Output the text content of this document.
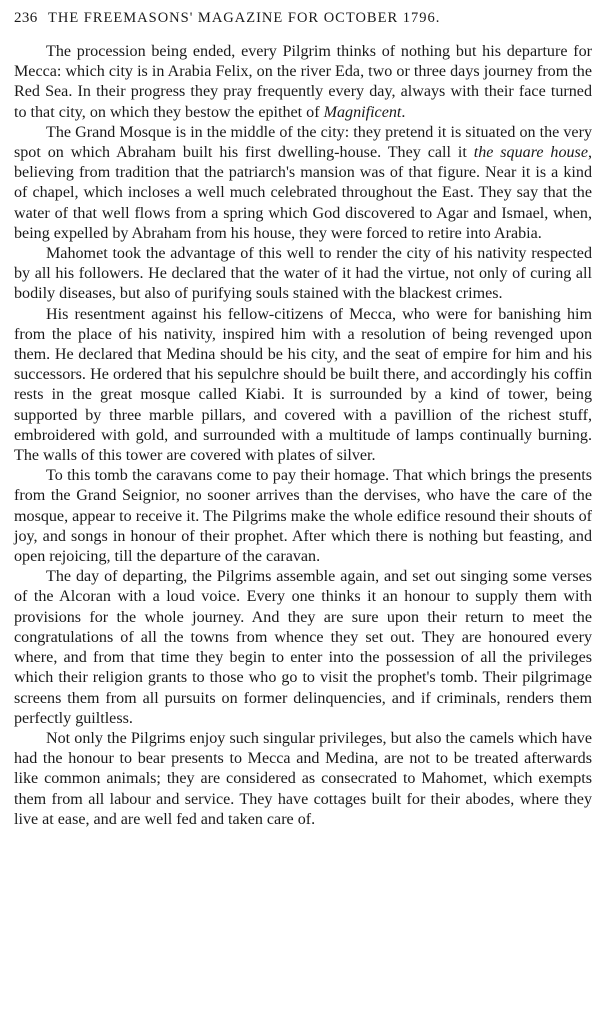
236 THE FREEMASONS' MAGAZINE FOR OCTOBER 1796.

The procession being ended, every Pilgrim thinks of nothing but his departure for Mecca: which city is in Arabia Felix, on the river Eda, two or three days journey from the Red Sea. In their progress they pray frequently every day, always with their face turned to that city, on which they bestow the epithet of Magnificent.

The Grand Mosque is in the middle of the city: they pretend it is situated on the very spot on which Abraham built his first dwelling-house. They call it the square house, believing from tradition that the patriarch's mansion was of that figure. Near it is a kind of chapel, which incloses a well much celebrated throughout the East. They say that the water of that well flows from a spring which God discovered to Agar and Ismael, when, being expelled by Abraham from his house, they were forced to retire into Arabia.

Mahomet took the advantage of this well to render the city of his nativity respected by all his followers. He declared that the water of it had the virtue, not only of curing all bodily diseases, but also of purifying souls stained with the blackest crimes.

His resentment against his fellow-citizens of Mecca, who were for banishing him from the place of his nativity, inspired him with a resolution of being revenged upon them. He declared that Medina should be his city, and the seat of empire for him and his successors. He ordered that his sepulchre should be built there, and accordingly his coffin rests in the great mosque called Kiabi. It is surrounded by a kind of tower, being supported by three marble pillars, and covered with a pavillion of the richest stuff, embroidered with gold, and surrounded with a multitude of lamps continually burning. The walls of this tower are covered with plates of silver.

To this tomb the caravans come to pay their homage. That which brings the presents from the Grand Seignior, no sooner arrives than the dervises, who have the care of the mosque, appear to receive it. The Pilgrims make the whole edifice resound their shouts of joy, and songs in honour of their prophet. After which there is nothing but feasting, and open rejoicing, till the departure of the caravan.

The day of departing, the Pilgrims assemble again, and set out singing some verses of the Alcoran with a loud voice. Every one thinks it an honour to supply them with provisions for the whole journey. And they are sure upon their return to meet the congratulations of all the towns from whence they set out. They are honoured every where, and from that time they begin to enter into the possession of all the privileges which their religion grants to those who go to visit the prophet's tomb. Their pilgrimage screens them from all pursuits on former delinquencies, and if criminals, renders them perfectly guiltless.

Not only the Pilgrims enjoy such singular privileges, but also the camels which have had the honour to bear presents to Mecca and Medina, are not to be treated afterwards like common animals; they are considered as consecrated to Mahomet, which exempts them from all labour and service. They have cottages built for their abodes, where they live at ease, and are well fed and taken care of.
